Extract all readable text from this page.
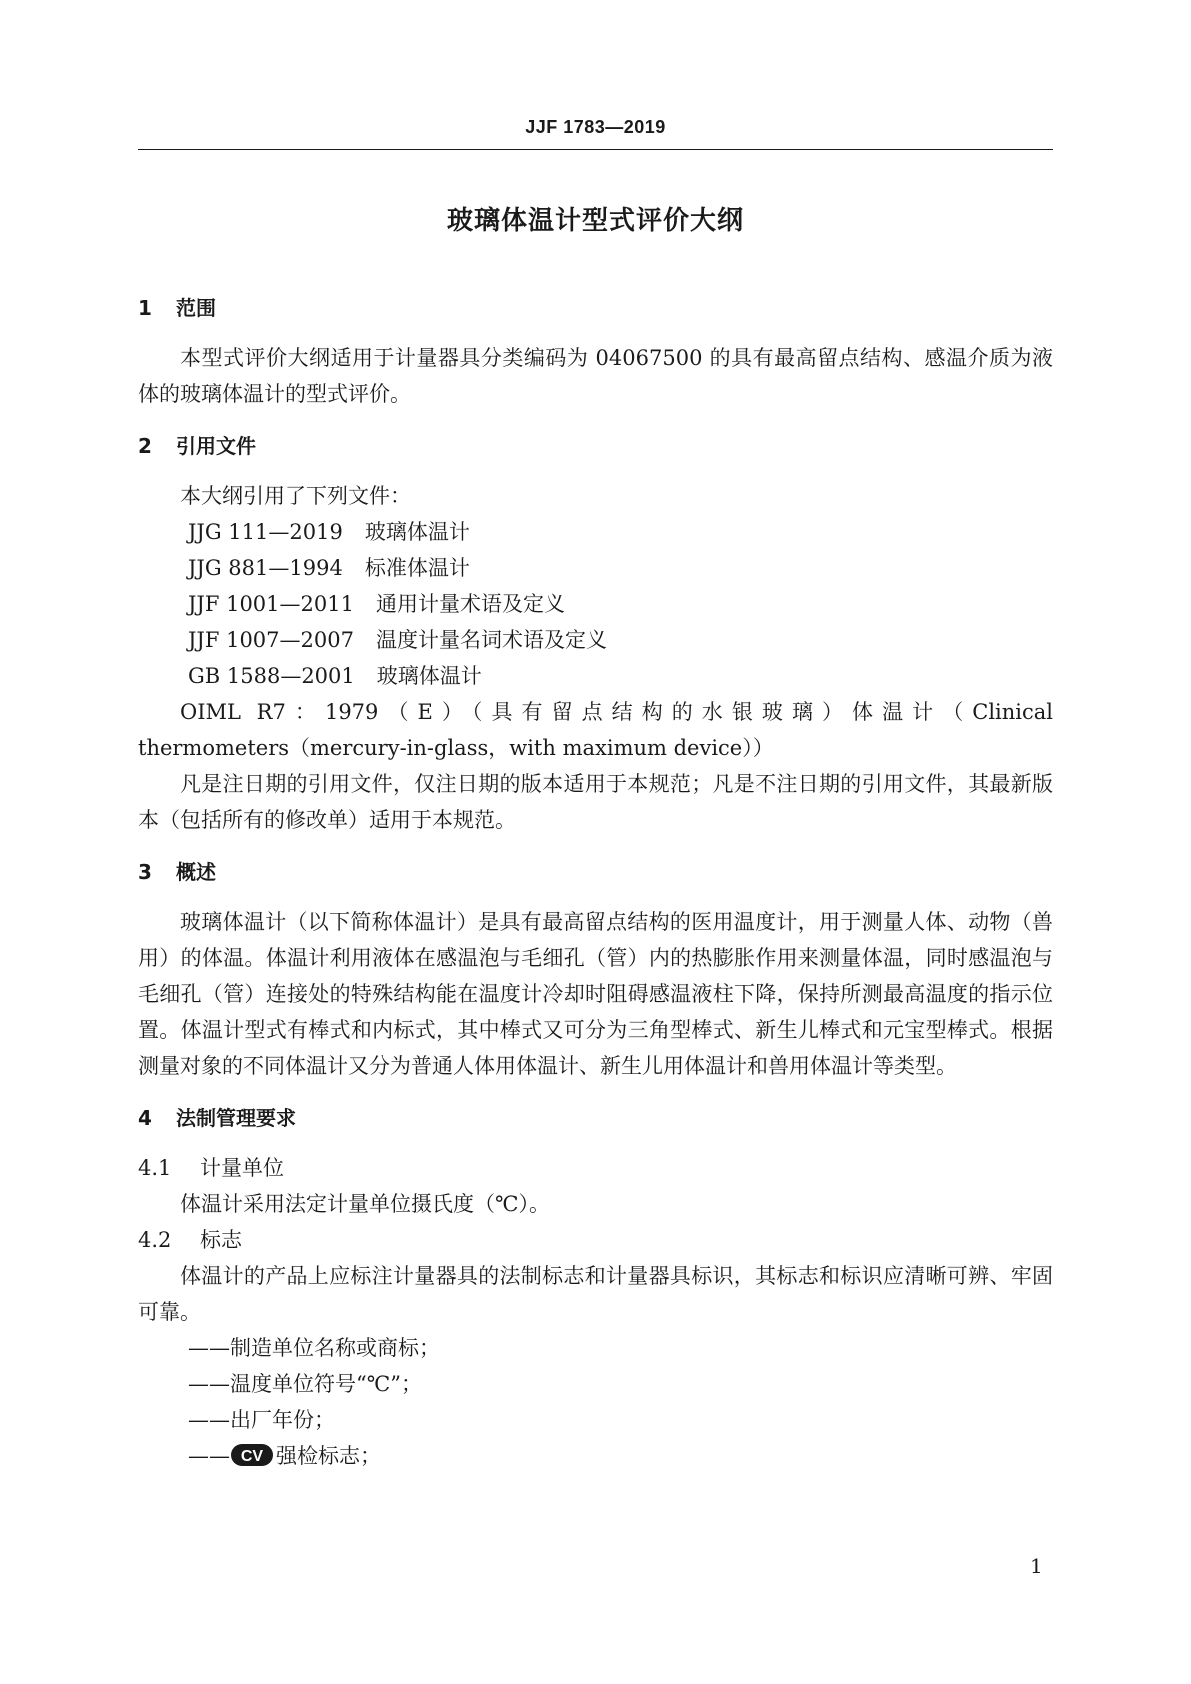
JJF 1783—2019
玻璃体温计型式评价大纲
1	范围

本型式评价大纲适用于计量器具分类编码为 04067500 的具有最高留点结构、感温介质为液体的玻璃体温计的型式评价。

2	引用文件

本大纲引用了下列文件：

JJG 111—2019 玻璃体温计

JJG 881—1994 标准体温计

JJF 1001—2011 通用计量术语及定义

JJF 1007—2007 温度计量名词术语及定义

GB 1588—2001 玻璃体温计

OIML R7：1979（E）（具有留点结构的水银玻璃）体温计（Clinical

thermometers（mercury-in-glass，with maximum device））

凡是注日期的引用文件，仅注日期的版本适用于本规范；凡是不注日期的引用文件，其最新版本（包括所有的修改单）适用于本规范。

3	概述

玻璃体温计（以下简称体温计）是具有最高留点结构的医用温度计，用于测量人体、动物（兽用）的体温。体温计利用液体在感温泡与毛细孔（管）内的热膨胀作用来测量体温，同时感温泡与毛细孔（管）连接处的特殊结构能在温度计冷却时阻碍感温液柱下降，保持所测最高温度的指示位置。体温计型式有棒式和内标式，其中棒式又可分为三角型棒式、新生儿棒式和元宝型棒式。根据测量对象的不同体温计又分为普通人体用体温计、新生儿用体温计和兽用体温计等类型。

4	法制管理要求
4.1	计量单位

体温计采用法定计量单位摄氏度（℃）。

4.2	标志

体温计的产品上应标注计量器具的法制标志和计量器具标识，其标志和标识应清晰可辨、牢固可靠。

——制造单位名称或商标；

——温度单位符号“℃”；

——出厂年份；

—— CV 强检标志；

1
